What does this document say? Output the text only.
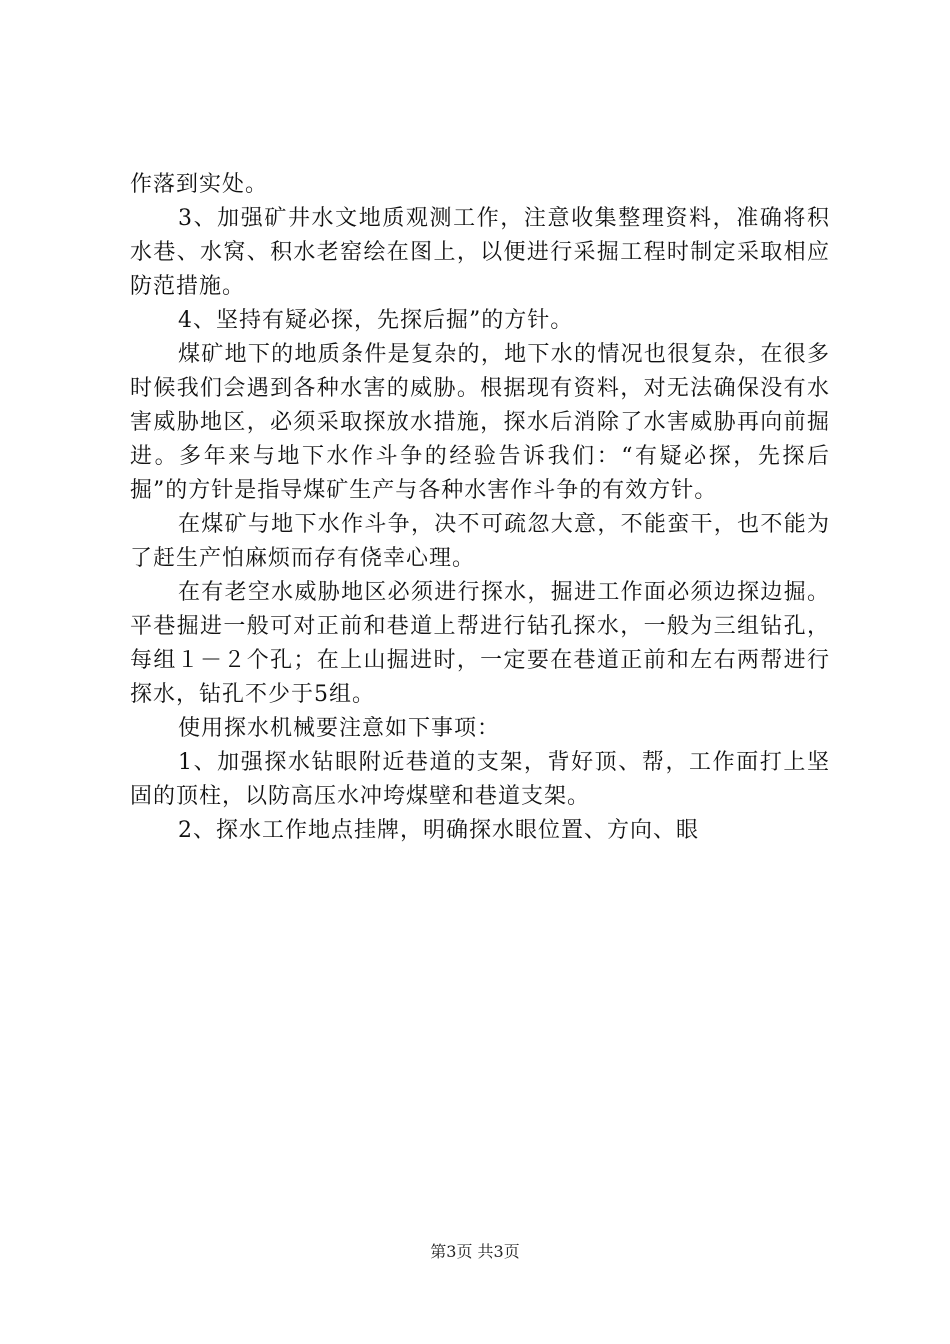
作落到实处。

3、加强矿井水文地质观测工作，注意收集整理资料，准确将积水巷、水窝、积水老窑绘在图上，以便进行采掘工程时制定采取相应防范措施。

4、坚持有疑必探，先探后掘”的方针。

煤矿地下的地质条件是复杂的，地下水的情况也很复杂，在很多时候我们会遇到各种水害的威胁。根据现有资料，对无法确保没有水害威胁地区，必须采取探放水措施，探水后消除了水害威胁再向前掘进。多年来与地下水作斗争的经验告诉我们：“有疑必探，先探后掘”的方针是指导煤矿生产与各种水害作斗争的有效方针。

在煤矿与地下水作斗争，决不可疏忽大意，不能蛮干，也不能为了赶生产怕麻烦而存有侥幸心理。

在有老空水威胁地区必须进行探水，掘进工作面必须边探边掘。平巷掘进一般可对正前和巷道上帮进行钻孔探水，一般为三组钻孔，每组１－２个孔；在上山掘进时，一定要在巷道正前和左右两帮进行探水，钻孔不少于5组。

使用探水机械要注意如下事项：

1、加强探水钻眼附近巷道的支架，背好顶、帮，工作面打上坚固的顶柱，以防高压水冲垮煤壁和巷道支架。

2、探水工作地点挂牌，明确探水眼位置、方向、眼

第3页 共3页
